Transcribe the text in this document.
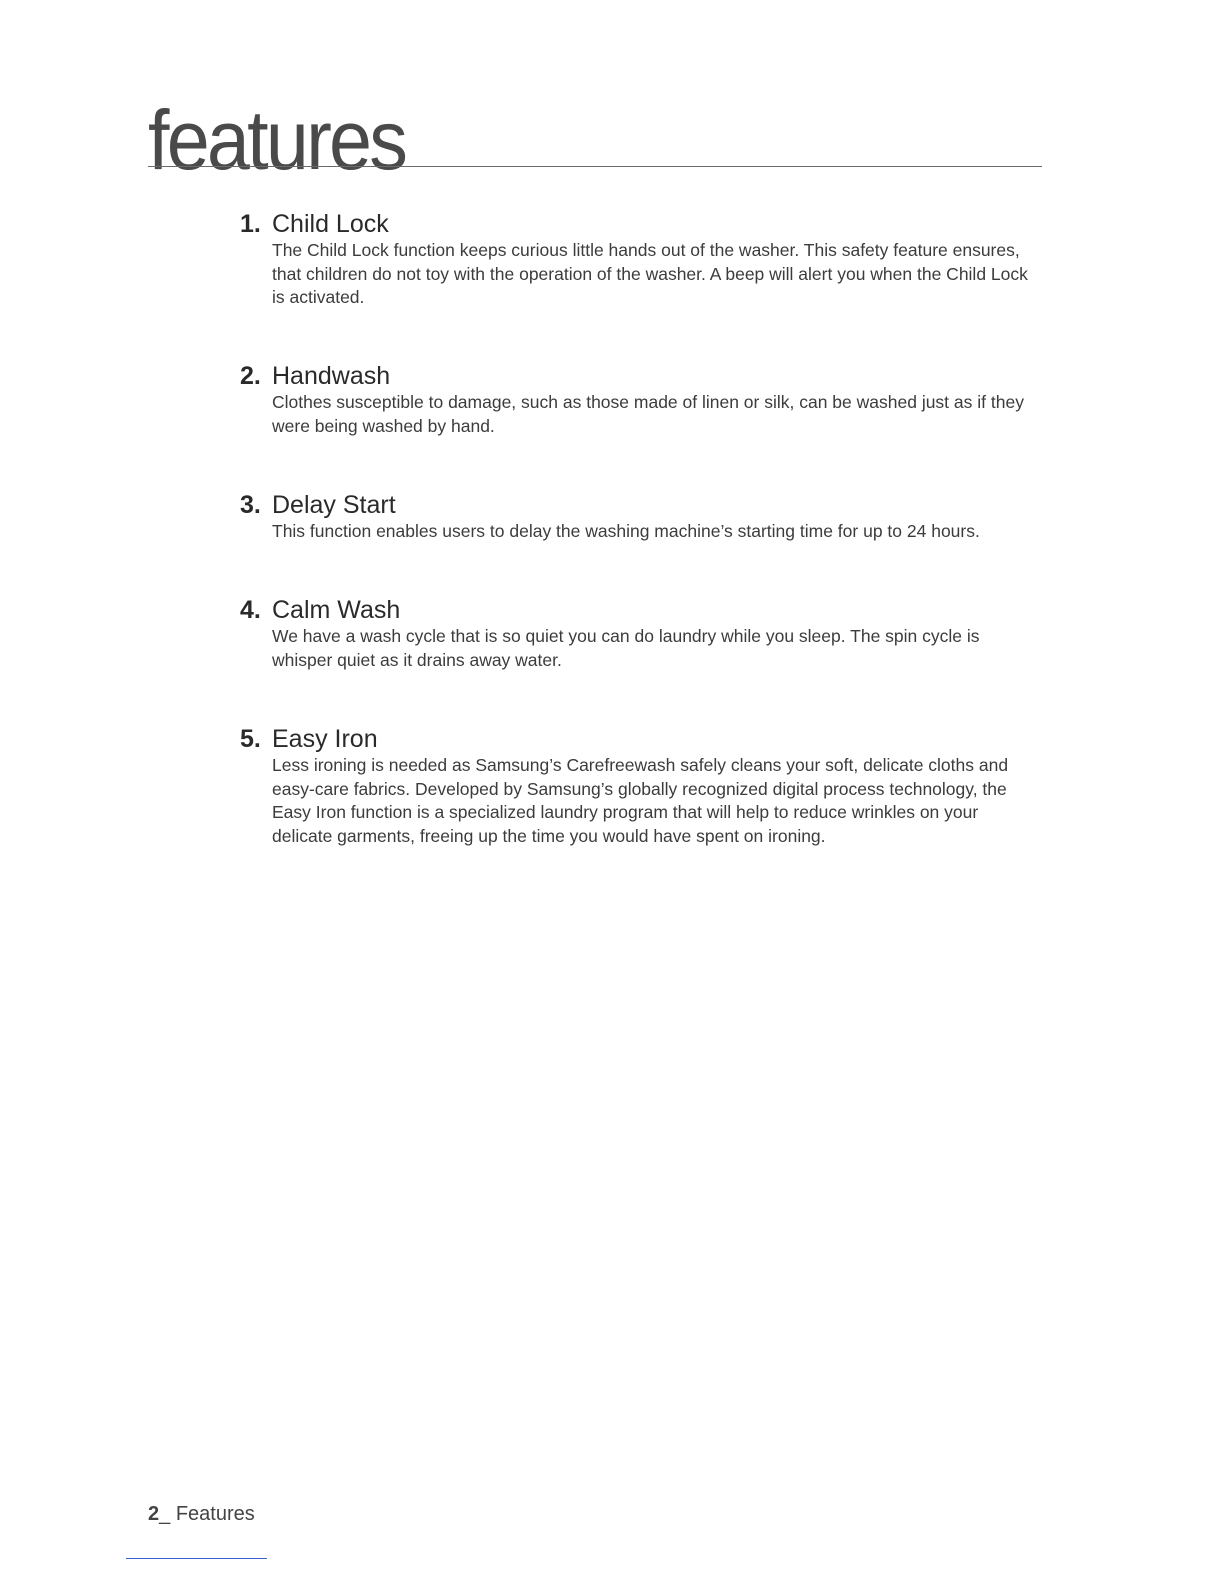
features
1. Child Lock

The Child Lock function keeps curious little hands out of the washer. This safety feature ensures, that children do not toy with the operation of the washer. A beep will alert you when the Child Lock is activated.

2. Handwash

Clothes susceptible to damage, such as those made of linen or silk, can be washed just as if they were being washed by hand.

3. Delay Start

This function enables users to delay the washing machine’s starting time for up to 24 hours.

4. Calm Wash

We have a wash cycle that is so quiet you can do laundry while you sleep. The spin cycle is whisper quiet as it drains away water.

5. Easy Iron

Less ironing is needed as Samsung’s Carefreewash safely cleans your soft, delicate cloths and easy-care fabrics. Developed by Samsung’s globally recognized digital process technology, the Easy Iron function is a specialized laundry program that will help to reduce wrinkles on your delicate garments, freeing up the time you would have spent on ironing.

2_ Features
